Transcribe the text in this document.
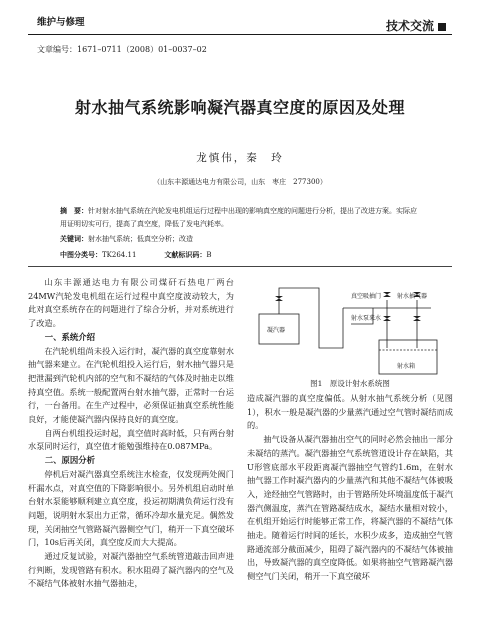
维护与修理	技术交流
文章编号：1671–0711（2008）01–0037–02
射水抽气系统影响凝汽器真空度的原因及处理
龙慎伟，秦　玲
（山东丰源通达电力有限公司，山东　枣庄　277300）
摘　要：针对射水抽气系统在汽轮发电机组运行过程中出现的影响真空度的问题进行分析，提出了改进方案。实际应用证明切实可行，提高了真空度，降低了发电汽耗率。
关键词：射水抽气系统；低真空分析；改造
中图分类号：TK264.11	文献标识码：B

山东丰源通达电力有限公司煤矸石热电厂两台24MW汽轮发电机组在运行过程中真空度波动较大，为此对真空系统存在的问题进行了综合分析，并对系统进行了改造。

一、系统介绍

在汽轮机组尚未投入运行时，凝汽器的真空度靠射水抽气器来建立。在汽轮机组投入运行后，射水抽气器只是把泄漏到汽轮机内部的空气和不凝结的气体及时抽走以维持真空值。系统一般配置两台射水抽气器，正常时一台运行，一台备用。在生产过程中，必须保证抽真空系统性能良好，才能使凝汽器内保持良好的真空度。

自两台机组投运时起，真空值时高时低，只有两台射水泵同时运行，真空值才能勉强维持在0.087MPa。

二、原因分析

停机后对凝汽器真空系统注水检查，仅发现两处阀门杆漏水点，对真空值的下降影响很小。另外机组启动时单台射水泵能够顺利建立真空度，投运初期满负荷运行没有问题，说明射水泵出力正常，循环冷却水量充足。偶然发现，关闭抽空气管路凝汽器侧空气门，稍开一下真空破坏门，10s后再关闭，真空度反而大大提高。

通过反复试验，对凝汽器抽空气系统管道敲击回声进行判断，发现管路有积水。积水阻碍了凝汽器内的空气及不凝结气体被射水抽气器抽走，

真空吸抽门	射水抽气器
射水泵来水
凝汽器
射水箱
图1　原设计射水系统图

造成凝汽器的真空度偏低。从射水抽气系统分析（见图1），积水一般是凝汽器的少量蒸汽通过空气管时凝结而成的。

抽气设备从凝汽器抽出空气的同时必然会抽出一部分未凝结的蒸汽。凝汽器抽空气系统管道设计存在缺陷，其U形管底部水平段距离凝汽器抽空气管约1.6m，在射水抽气器工作时凝汽器内的少量蒸汽和其他不凝结气体被吸入，途经抽空气管路时，由于管路所处环境温度低于凝汽器汽侧温度，蒸汽在管路凝结成水，凝结水量相对较小，在机组开始运行时能够正常工作，将凝汽器的不凝结气体抽走。随着运行时间的延长，水积少成多，造成抽空气管路通流部分截面减少，阻碍了凝汽器内的不凝结气体被抽出，导致凝汽器的真空度降低。如果将抽空气管路凝汽器侧空气门关闭，稍开一下真空破坏
